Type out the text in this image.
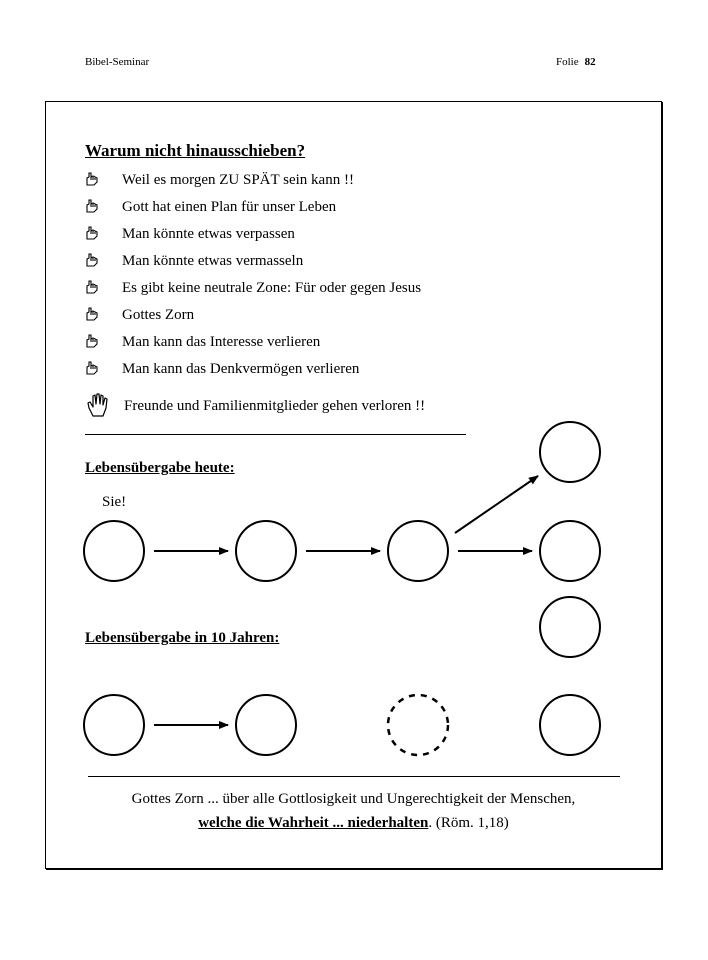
Bibel-Seminar	Folie 82
Warum nicht hinausschieben?
Weil es morgen ZU SPÄT sein kann !!
Gott hat einen Plan für unser Leben
Man könnte etwas verpassen
Man könnte etwas vermasseln
Es gibt keine neutrale Zone: Für oder gegen Jesus
Gottes Zorn
Man kann das Interesse verlieren
Man kann das Denkvermögen verlieren
Freunde und Familienmitglieder gehen verloren !!
Lebensübergabe heute:
Sie!
Lebensübergabe in 10 Jahren:
Gottes Zorn ... über alle Gottlosigkeit und Ungerechtigkeit der Menschen,
welche die Wahrheit ... niederhalten. (Röm. 1,18)
